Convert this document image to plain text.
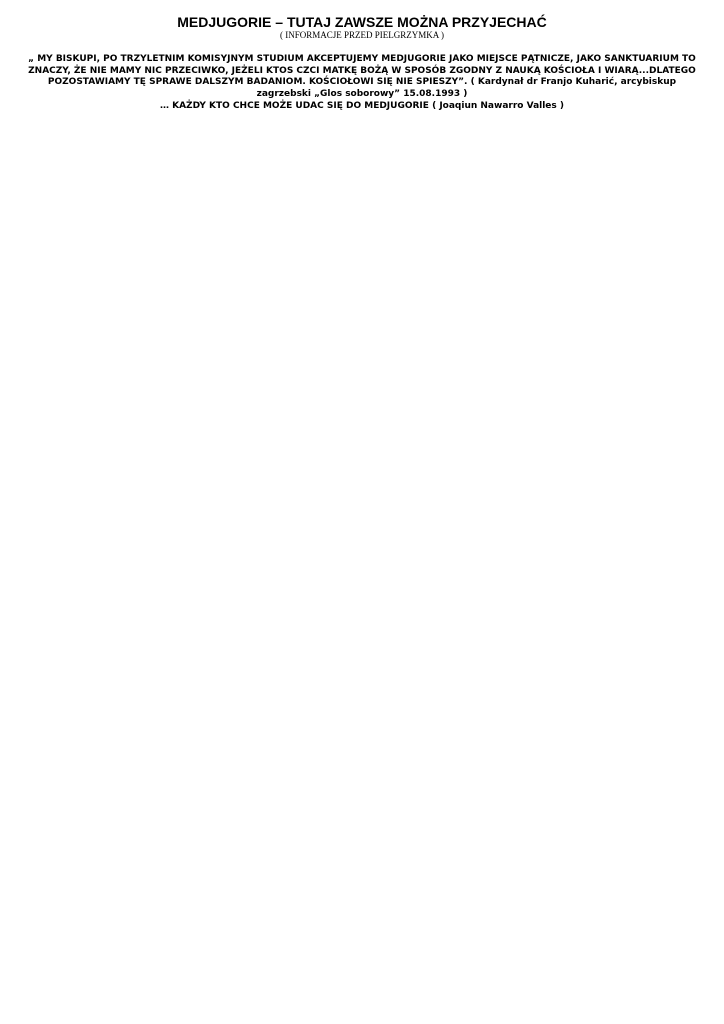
MEDJUGORIE – TUTAJ ZAWSZE MOŻNA PRZYJECHAĆ
( INFORMACJE PRZED PIELGRZYMKA )
„ MY BISKUPI, PO TRZYLETNIM KOMISYJNYM STUDIUM AKCEPTUJEMY MEDJUGORIE JAKO MIEJSCE PĄTNICZE, JAKO SANKTUARIUM TO ZNACZY, ŻE NIE MAMY NIC PRZECIWKO, JEŻELI KTOS CZCI MATKĘ BOŻĄ W SPOSÓB ZGODNY Z NAUKĄ KOŚCIOŁA I WIARĄ...DLATEGO POZOSTAWIAMY TĘ SPRAWE DALSZYM BADANIOM. KOŚCIOŁOWI SIĘ NIE SPIESZY”. ( Kardynał dr Franjo Kuharić, arcybiskup zagrzebski „Glos soborowy” 15.08.1993 )
… KAŻDY KTO CHCE MOŻE UDAC SIĘ DO MEDJUGORIE ( Joaqiun Nawarro Valles )
